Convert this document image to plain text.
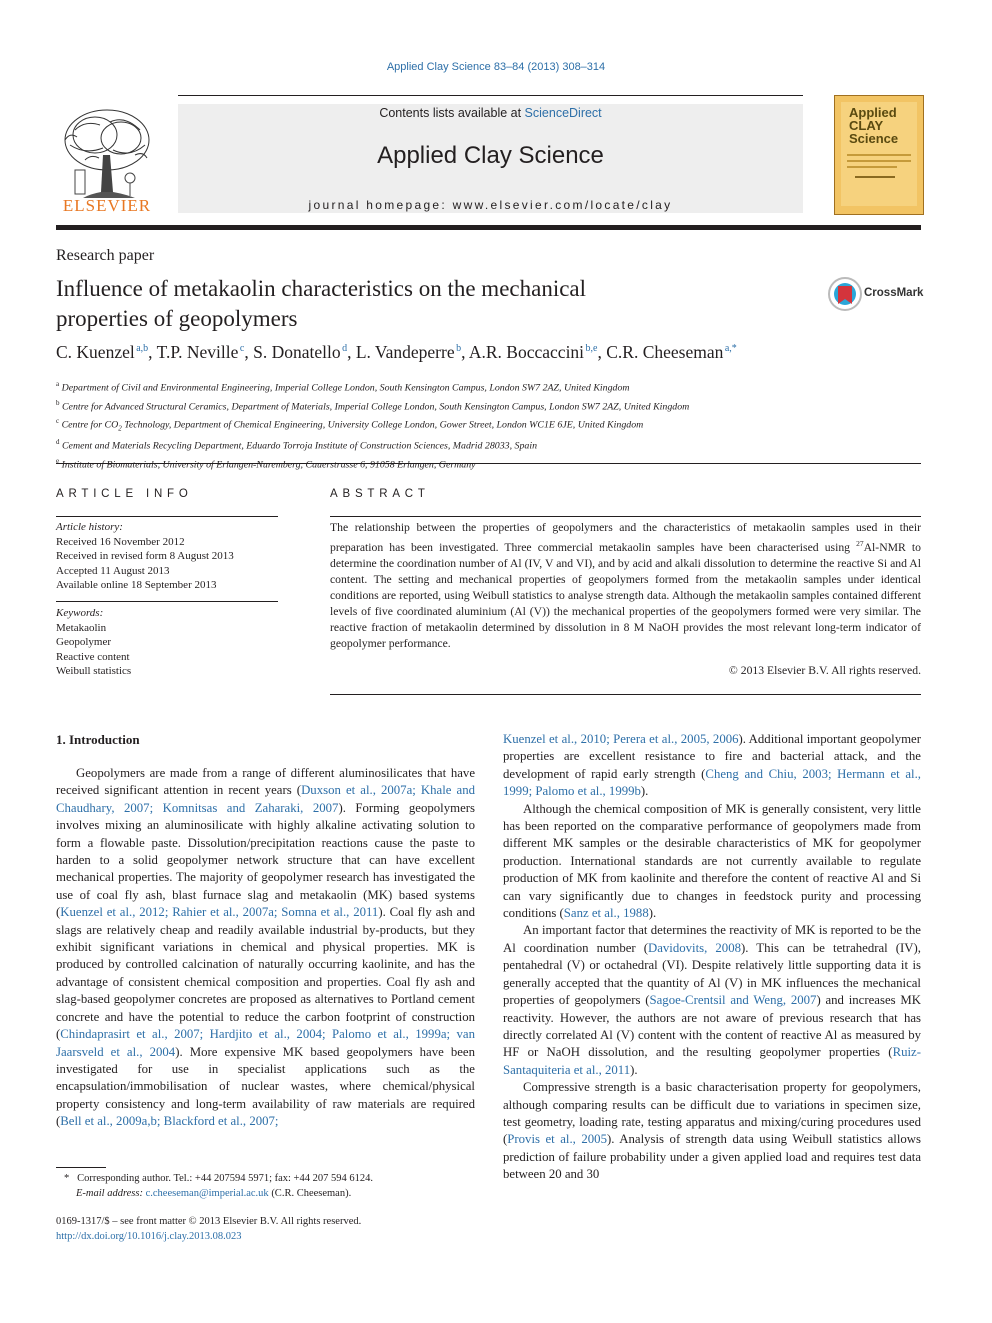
Applied Clay Science 83–84 (2013) 308–314
ELSEVIER
Contents lists available at ScienceDirect
Applied Clay Science
journal homepage: www.elsevier.com/locate/clay
Applied CLAY Science
Research paper
Influence of metakaolin characteristics on the mechanical
properties of geopolymers
CrossMark
C. Kuenzel $^{a,b}$, T.P. Neville $^c$, S. Donatello $^d$, L. Vandeperre $^b$, A.R. Boccaccini $^{b,e}$, C.R. Cheeseman $^{a,*}$
$^a$ Department of Civil and Environmental Engineering, Imperial College London, South Kensington Campus, London SW7 2AZ, United Kingdom
$^b$ Centre for Advanced Structural Ceramics, Department of Materials, Imperial College London, South Kensington Campus, London SW7 2AZ, United Kingdom
$^c$ Centre for $CO_2$ Technology, Department of Chemical Engineering, University College London, Gower Street, London WC1E 6JE, United Kingdom
$^d$ Cement and Materials Recycling Department, Eduardo Torroja Institute of Construction Sciences, Madrid 28033, Spain
$^e$ Institute of Biomaterials, University of Erlangen-Nuremberg, Cauerstrasse 6, 91058 Erlangen, Germany
ARTICLE INFO
Article history:
Received 16 November 2012
Received in revised form 8 August 2013
Accepted 11 August 2013
Available online 18 September 2013
Keywords:
Metakaolin
Geopolymer
Reactive content
Weibull statistics
ABSTRACT
The relationship between the properties of geopolymers and the characteristics of metakaolin samples used in their preparation has been investigated. Three commercial metakaolin samples have been characterised using $^{27}$Al-NMR to determine the coordination number of Al (IV, V and VI), and by acid and alkali dissolution to determine the reactive Si and Al content. The setting and mechanical properties of geopolymers formed from the metakaolin samples under identical conditions are reported, using Weibull statistics to analyse strength data. Although the metakaolin samples contained different levels of five coordinated aluminium (Al (V)) the mechanical properties of the geopolymers formed were very similar. The reactive fraction of metakaolin determined by dissolution in 8 M NaOH provides the most relevant long-term indicator of geopolymer performance.
© 2013 Elsevier B.V. All rights reserved.
1. Introduction

Geopolymers are made from a range of different aluminosilicates that have received significant attention in recent years (Duxson et al., 2007a; Khale and Chaudhary, 2007; Komnitsas and Zaharaki, 2007). Forming geopolymers involves mixing an aluminosilicate with highly alkaline activating solution to form a flowable paste. Dissolution/precipitation reactions cause the paste to harden to a solid geopolymer network structure that can have excellent mechanical properties. The majority of geopolymer research has investigated the use of coal fly ash, blast furnace slag and metakaolin (MK) based systems (Kuenzel et al., 2012; Rahier et al., 2007a; Somna et al., 2011). Coal fly ash and slags are relatively cheap and readily available industrial by-products, but they exhibit significant variations in chemical and physical properties. MK is produced by controlled calcination of naturally occurring kaolinite, and has the advantage of consistent chemical composition and properties. Coal fly ash and slag-based geopolymer concretes are proposed as alternatives to Portland cement concrete and have the potential to reduce the carbon footprint of construction (Chindaprasirt et al., 2007; Hardjito et al., 2004; Palomo et al., 1999a; van Jaarsveld et al., 2004). More expensive MK based geopolymers have been investigated for use in specialist applications such as the encapsulation/immobilisation of nuclear wastes, where chemical/physical property consistency and long-term availability of raw materials are required (Bell et al., 2009a,b; Blackford et al., 2007;

Kuenzel et al., 2010; Perera et al., 2005, 2006). Additional important geopolymer properties are excellent resistance to fire and bacterial attack, and the development of rapid early strength (Cheng and Chiu, 2003; Hermann et al., 1999; Palomo et al., 1999b).

Although the chemical composition of MK is generally consistent, very little has been reported on the comparative performance of geopolymers made from different MK samples or the desirable characteristics of MK for geopolymer production. International standards are not currently available to regulate production of MK from kaolinite and therefore the content of reactive Al and Si can vary significantly due to changes in feedstock purity and processing conditions (Sanz et al., 1988).

An important factor that determines the reactivity of MK is reported to be the Al coordination number (Davidovits, 2008). This can be tetrahedral (IV), pentahedral (V) or octahedral (VI). Despite relatively little supporting data it is generally accepted that the quantity of Al (V) in MK influences the mechanical properties of geopolymers (Sagoe-Crentsil and Weng, 2007) and increases MK reactivity. However, the authors are not aware of previous research that has directly correlated Al (V) content with the content of reactive Al as measured by HF or NaOH dissolution, and the resulting geopolymer properties (Ruiz-Santaquiteria et al., 2011).

Compressive strength is a basic characterisation property for geopolymers, although comparing results can be difficult due to variations in specimen size, test geometry, loading rate, testing apparatus and mixing/curing procedures used (Provis et al., 2005). Analysis of strength data using Weibull statistics allows prediction of failure probability under a given applied load and requires test data between 20 and 30

* Corresponding author. Tel.: +44 207594 5971; fax: +44 207 594 6124.
E-mail address: c.cheeseman@imperial.ac.uk (C.R. Cheeseman).
0169-1317/$ – see front matter © 2013 Elsevier B.V. All rights reserved.
http://dx.doi.org/10.1016/j.clay.2013.08.023
